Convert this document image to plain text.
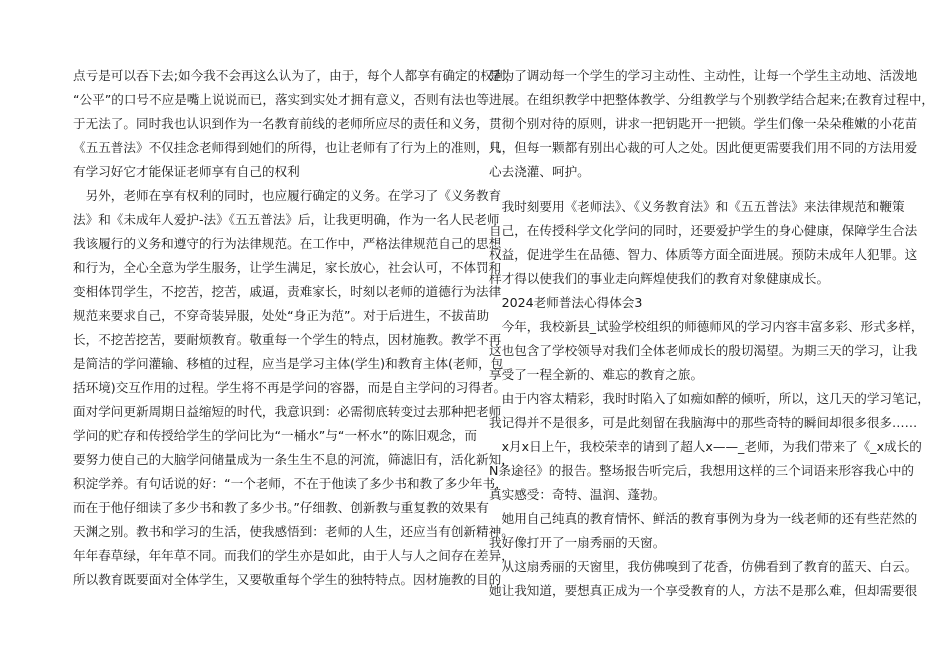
点亏是可以吞下去;如今我不会再这么认为了，由于，每个人都享有确定的权利，
“公平”的口号不应是嘴上说说而已，落实到实处才拥有意义，否则有法也等
于无法了。同时我也认识到作为一名教育前线的老师所应尽的责任和义务，
《五五普法》不仅挂念老师得到她们的所得，也让老师有了行为上的准则，只
有学习好它才能保证老师享有自己的权利
　另外，老师在享有权利的同时，也应履行确定的义务。在学习了《义务教育
法》和《未成年人爱护-法》《五五普法》后，让我更明确，作为一名人民老师
我该履行的义务和遵守的行为法律规范。在工作中，严格法律规范自己的思想
和行为，全心全意为学生服务，让学生满足，家长放心，社会认可，不体罚和
变相体罚学生，不挖苦，挖苦，戚逼，责难家长，时刻以老师的道德行为法律
规范来要求自己，不穿奇装异服，处处“身正为范”。对于后进生，不拔苗助
长，不挖苦挖苦，要耐烦教育。敬重每一个学生的特点，因材施教。教学不再
是简洁的学问灌输、移植的过程，应当是学习主体(学生)和教育主体(老师，包
括环境)交互作用的过程。学生将不再是学问的容器，而是自主学问的习得者。
面对学问更新周期日益缩短的时代，我意识到：必需彻底转变过去那种把老师
学问的贮存和传授给学生的学问比为“一桶水”与“一杯水”的陈旧观念，而
要努力使自己的大脑学问储量成为一条生生不息的河流，筛滤旧有，活化新知，
积淀学养。有句话说的好：“一个老师，不在于他读了多少书和教了多少年书，
而在于他仔细读了多少书和教了多少书。”仔细教、创新教与重复教的效果有
天渊之别。教书和学习的生活，使我感悟到：老师的人生，还应当有创新精神。
年年春草绿，年年草不同。而我们的学生亦是如此，由于人与人之间存在差异，
所以教育既要面对全体学生，又要敬重每个学生的独特特点。因材施教的目的
是为了调动每一个学生的学习主动性、主动性，让每一个学生主动地、活泼地
进展。在组织教学中把整体教学、分组教学与个别教学结合起来;在教育过程中，
贯彻个别对待的原则，讲求一把钥匙开一把锁。学生们像一朵朵稚嫩的小花苗
儿，但每一颗都有别出心裁的可人之处。因此便更需要我们用不同的方法用爱
心去浇灌、呵护。
　我时刻要用《老师法》、《义务教育法》和《五五普法》来法律规范和鞭策
自己，在传授科学文化学问的同时，还要爱护学生的身心健康，保障学生合法
权益，促进学生在品德、智力、体质等方面全面进展。预防未成年人犯罪。这
样才得以使我们的事业走向辉煌使我们的教育对象健康成长。
　2024老师普法心得体会3
　今年，我校新县_试验学校组织的师德师风的学习内容丰富多彩、形式多样，
这也包含了学校领导对我们全体老师成长的殷切渴望。为期三天的学习，让我
享受了一程全新的、难忘的教育之旅。
　由于内容太精彩，我时时陷入了如痴如醉的倾听，所以，这几天的学习笔记，
我记得并不是很多，可是此刻留在我脑海中的那些奇特的瞬间却很多很多……
　x月x日上午，我校荣幸的请到了超人x——_老师，为我们带来了《_x成长的
N条途径》的报告。整场报告听完后，我想用这样的三个词语来形容我心中的
真实感受：奇特、温润、蓬勃。
　她用自己纯真的教育情怀、鲜活的教育事例为身为一线老师的还有些茫然的
我好像打开了一扇秀丽的天窗。
　从这扇秀丽的天窗里，我仿佛嗅到了花香，仿佛看到了教育的蓝天、白云。
她让我知道，要想真正成为一个享受教育的人，方法不是那么难，但却需要很
